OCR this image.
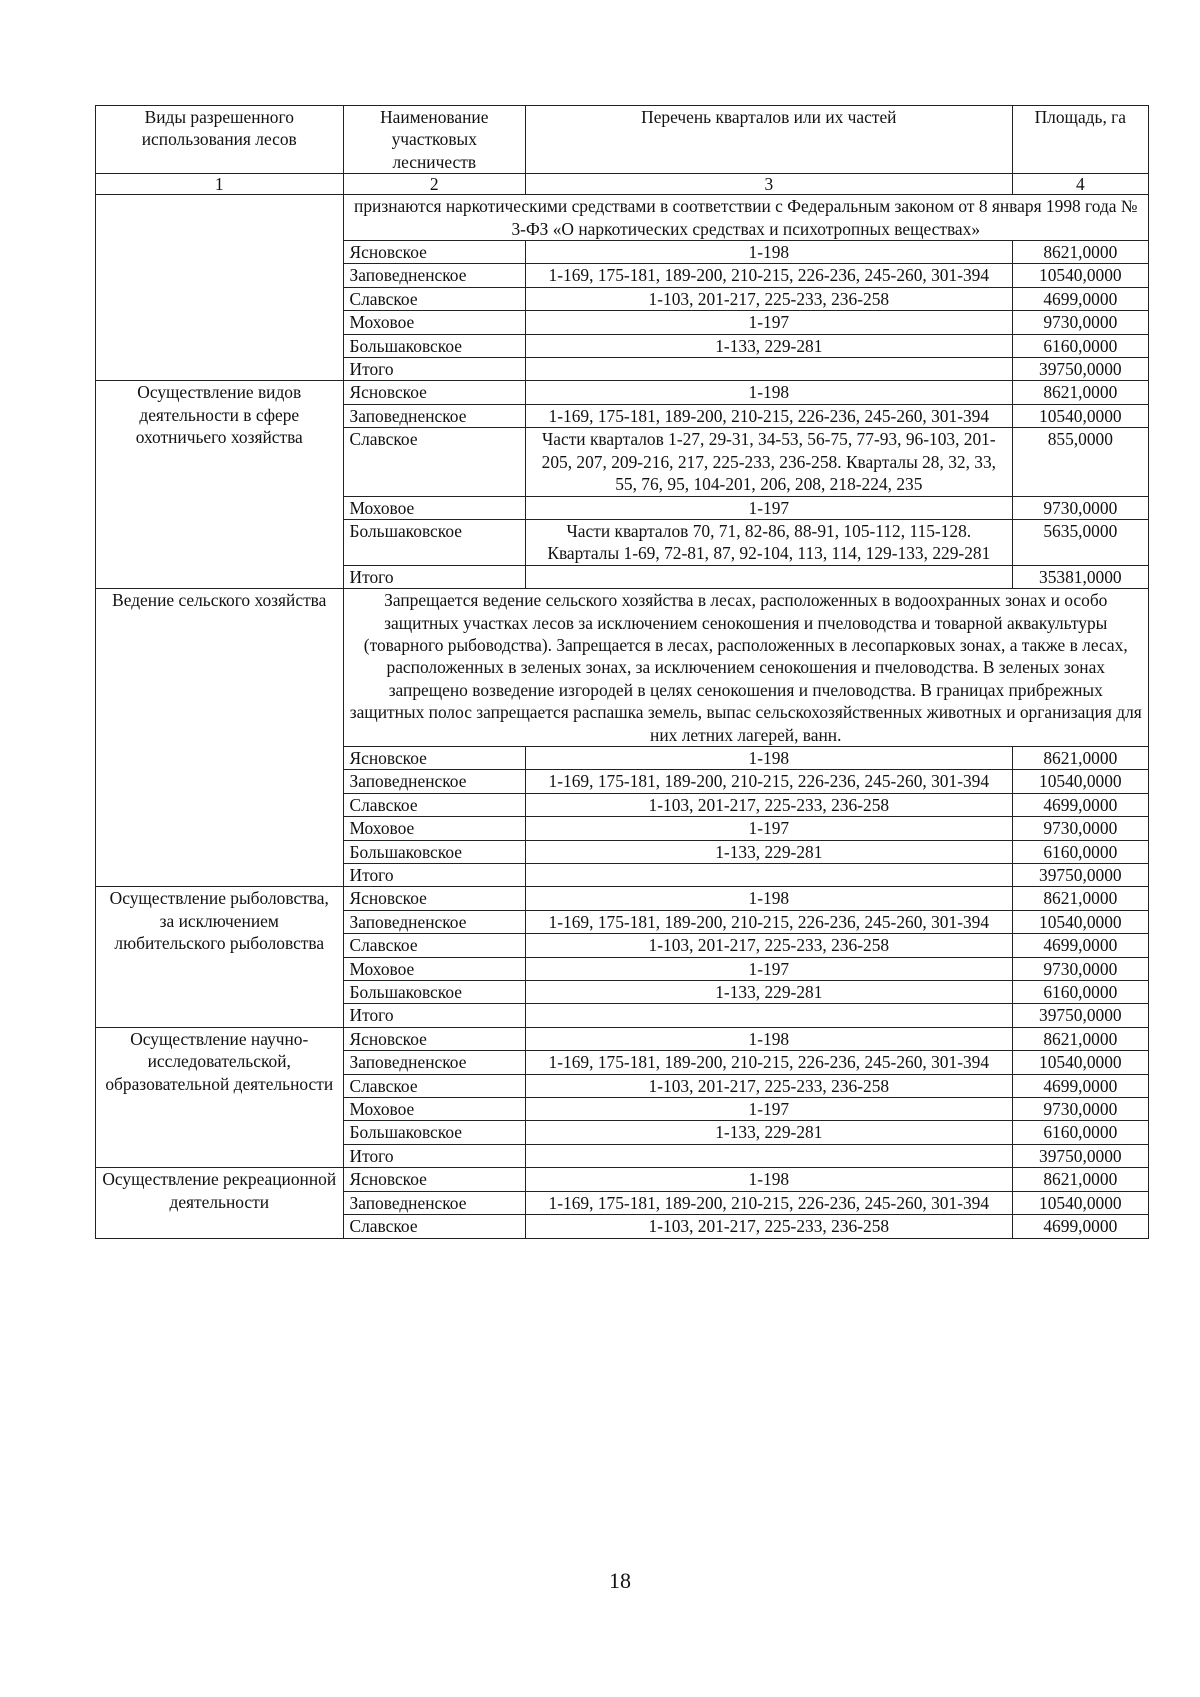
Виды разрешенного использования лесов	Наименование участковых лесничеств	Перечень кварталов или их частей	Площадь, га
1	2	3	4
	признаются наркотическими средствами в соответствии с Федеральным законом от 8 января 1998 года № 3-ФЗ «О наркотических средствах и психотропных веществах»		
	Ясновское	1-198	8621,0000
	Заповедненское	1-169, 175-181, 189-200, 210-215, 226-236, 245-260, 301-394	10540,0000
	Славское	1-103, 201-217, 225-233, 236-258	4699,0000
	Моховое	1-197	9730,0000
	Большаковское	1-133, 229-281	6160,0000
	Итого		39750,0000
Осуществление видов деятельности в сфере охотничьего хозяйства	Ясновское	1-198	8621,0000
	Заповедненское	1-169, 175-181, 189-200, 210-215, 226-236, 245-260, 301-394	10540,0000
	Славское	Части кварталов 1-27, 29-31, 34-53, 56-75, 77-93, 96-103, 201-205, 207, 209-216, 217, 225-233, 236-258. Кварталы 28, 32, 33, 55, 76, 95, 104-201, 206, 208, 218-224, 235	855,0000
	Моховое	1-197	9730,0000
	Большаковское	Части кварталов 70, 71, 82-86, 88-91, 105-112, 115-128. Кварталы 1-69, 72-81, 87, 92-104, 113, 114, 129-133, 229-281	5635,0000
	Итого		35381,0000
Ведение сельского хозяйства	Запрещается ведение сельского хозяйства в лесах, расположенных в водоохранных зонах и особо защитных участках лесов за исключением сенокошения и пчеловодства и товарной аквакультуры (товарного рыбоводства). Запрещается в лесах, расположенных в лесопарковых зонах, а также в лесах, расположенных в зеленых зонах, за исключением сенокошения и пчеловодства. В зеленых зонах запрещено возведение изгородей в целях сенокошения и пчеловодства. В границах прибрежных защитных полос запрещается распашка земель, выпас сельскохозяйственных животных и организация для них летних лагерей, ванн.		
	Ясновское	1-198	8621,0000
	Заповедненское	1-169, 175-181, 189-200, 210-215, 226-236, 245-260, 301-394	10540,0000
	Славское	1-103, 201-217, 225-233, 236-258	4699,0000
	Моховое	1-197	9730,0000
	Большаковское	1-133, 229-281	6160,0000
	Итого		39750,0000
Осуществление рыболовства, за исключением любительского рыболовства	Ясновское	1-198	8621,0000
	Заповедненское	1-169, 175-181, 189-200, 210-215, 226-236, 245-260, 301-394	10540,0000
	Славское	1-103, 201-217, 225-233, 236-258	4699,0000
	Моховое	1-197	9730,0000
	Большаковское	1-133, 229-281	6160,0000
	Итого		39750,0000
Осуществление научно-исследовательской, образовательной деятельности	Ясновское	1-198	8621,0000
	Заповедненское	1-169, 175-181, 189-200, 210-215, 226-236, 245-260, 301-394	10540,0000
	Славское	1-103, 201-217, 225-233, 236-258	4699,0000
	Моховое	1-197	9730,0000
	Большаковское	1-133, 229-281	6160,0000
	Итого		39750,0000
Осуществление рекреационной деятельности	Ясновское	1-198	8621,0000
	Заповедненское	1-169, 175-181, 189-200, 210-215, 226-236, 245-260, 301-394	10540,0000
	Славское	1-103, 201-217, 225-233, 236-258	4699,0000
18
